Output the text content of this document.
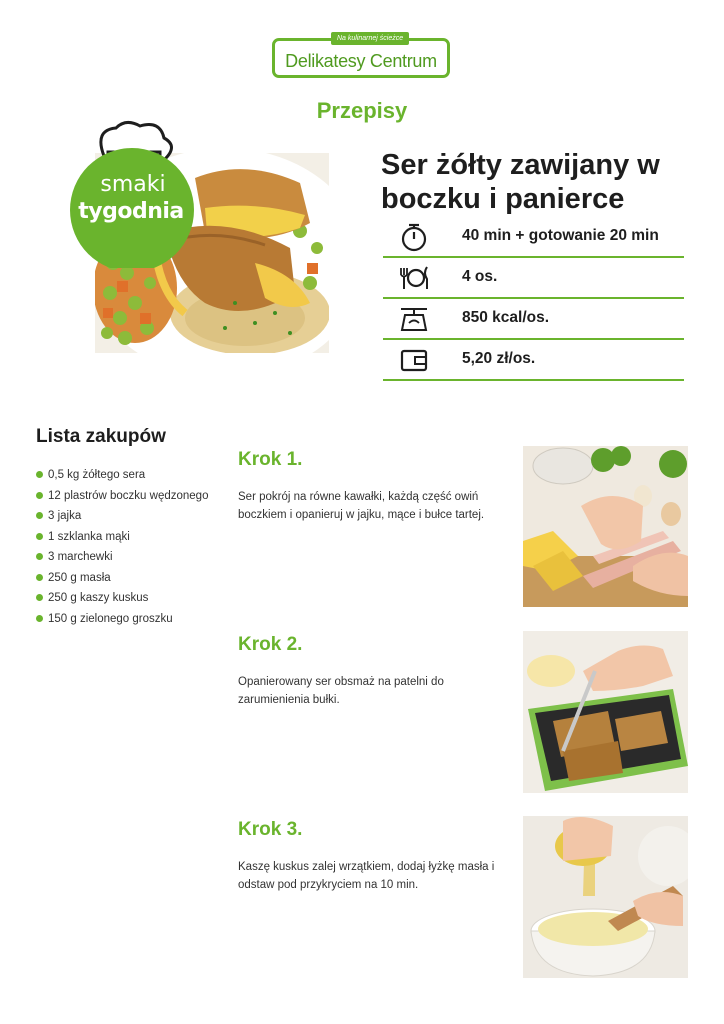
Na kulinarnej ścieżce
Delikatesy Centrum
Przepisy
smaki
tygodnia
Ser żółty zawijany w boczku i panierce
40 min + gotowanie 20 min
4 os.
850 kcal/os.
5,20 zł/os.
Lista zakupów
0,5 kg żółtego sera
12 plastrów boczku wędzonego
3 jajka
1 szklanka mąki
3 marchewki
250 g masła
250 g kaszy kuskus
150 g zielonego groszku
Krok 1.
Ser pokrój na równe kawałki, każdą część owiń boczkiem i opanieruj w jajku, mące i bułce tartej.
Krok 2.
Opanierowany ser obsmaż na patelni do zarumienienia bułki.
Krok 3.
Kaszę kuskus zalej wrzątkiem, dodaj łyżkę masła i odstaw pod przykryciem na 10 min.
